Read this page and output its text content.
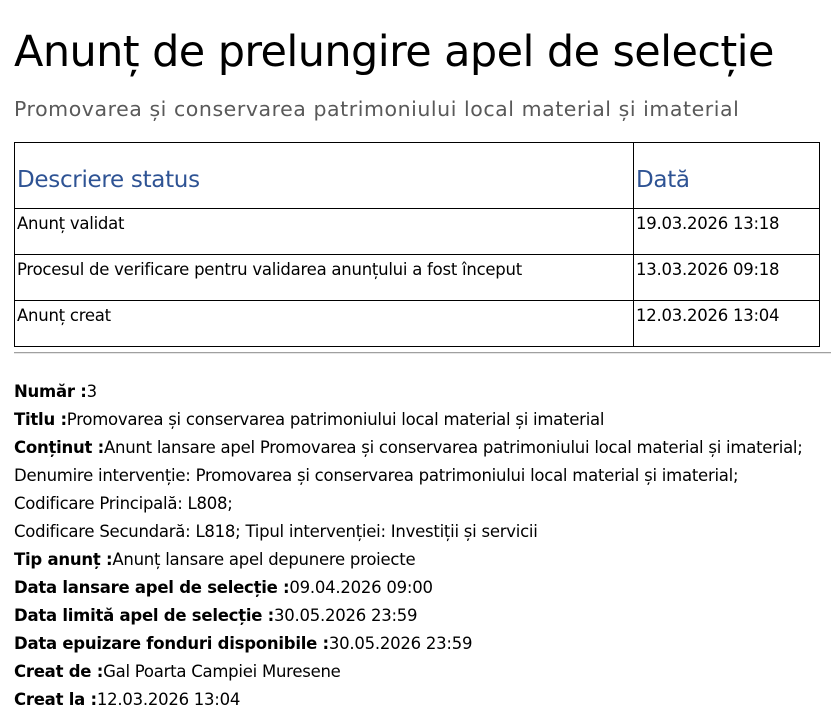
Anunț de prelungire apel de selecție
Promovarea și conservarea patrimoniului local material și imaterial
Descriere status	Dată
Anunț validat	19.03.2026 13:18
Procesul de verificare pentru validarea anunțului a fost început	13.03.2026 09:18
Anunț creat	12.03.2026 13:04
Număr :3
Titlu :Promovarea și conservarea patrimoniului local material și imaterial
Conținut :Anunt lansare apel Promovarea și conservarea patrimoniului local material și imaterial;
Denumire intervenție: Promovarea și conservarea patrimoniului local material și imaterial;
Codificare Principală: L808;
Codificare Secundară: L818; Tipul intervenției: Investiții și servicii
Tip anunț :Anunț lansare apel depunere proiecte
Data lansare apel de selecție :09.04.2026 09:00
Data limită apel de selecție :30.05.2026 23:59
Data epuizare fonduri disponibile :30.05.2026 23:59
Creat de :Gal Poarta Campiei Muresene
Creat la :12.03.2026 13:04
